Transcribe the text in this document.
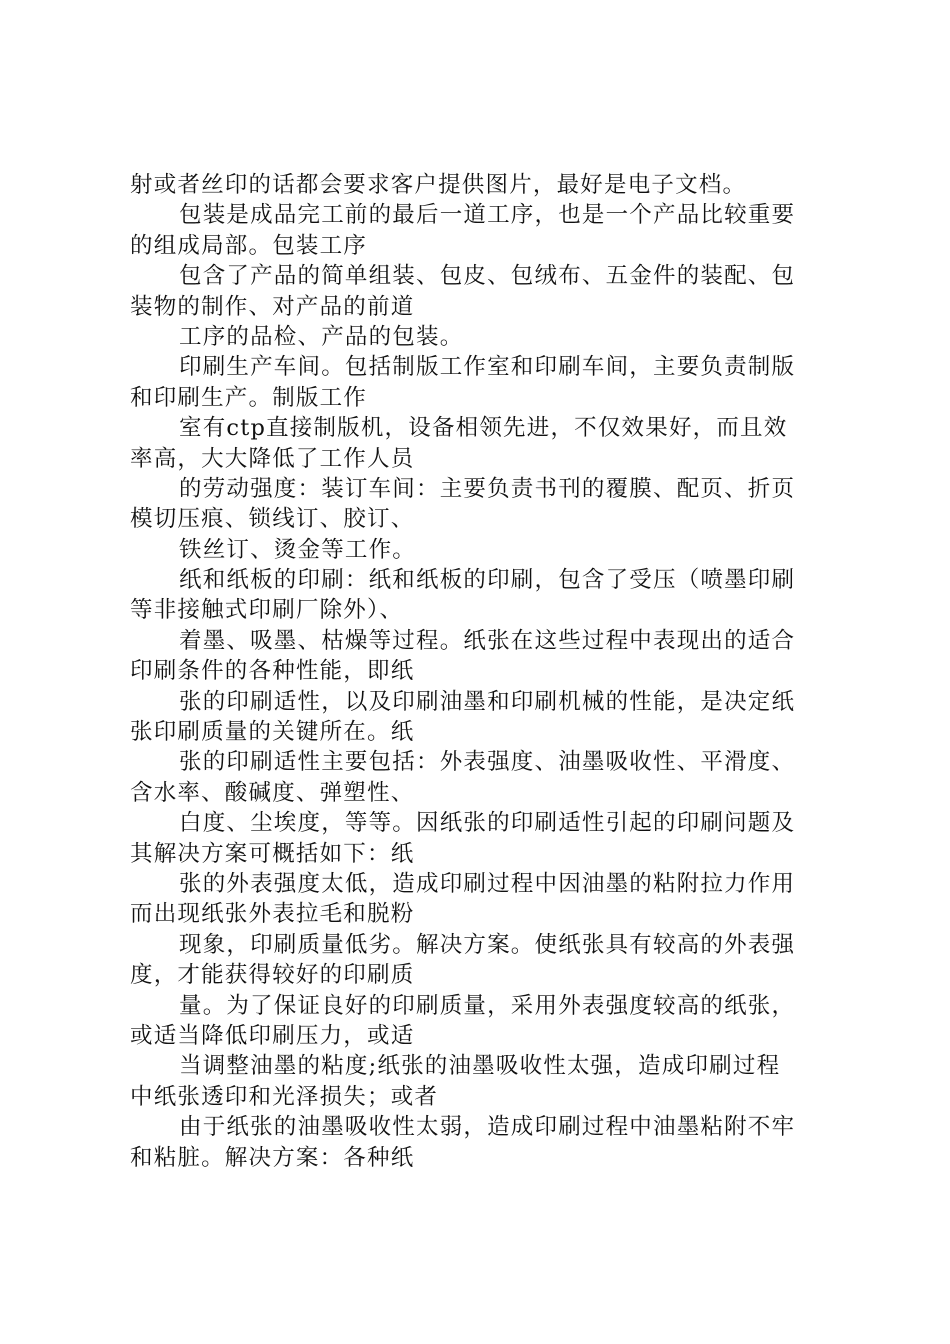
射或者丝印的话都会要求客户提供图片，最好是电子文档。
包装是成品完工前的最后一道工序，也是一个产品比较重要
的组成局部。包装工序
包含了产品的简单组装、包皮、包绒布、五金件的装配、包
装物的制作、对产品的前道
工序的品检、产品的包装。
印刷生产车间。包括制版工作室和印刷车间，主要负责制版
和印刷生产。制版工作
室有ctp直接制版机，设备相领先进，不仅效果好，而且效
率高，大大降低了工作人员
的劳动强度：装订车间：主要负责书刊的覆膜、配页、折页
模切压痕、锁线订、胶订、
铁丝订、烫金等工作。
纸和纸板的印刷：纸和纸板的印刷，包含了受压（喷墨印刷
等非接触式印刷厂除外）、
着墨、吸墨、枯燥等过程。纸张在这些过程中表现出的适合
印刷条件的各种性能，即纸
张的印刷适性，以及印刷油墨和印刷机械的性能，是决定纸
张印刷质量的关键所在。纸
张的印刷适性主要包括：外表强度、油墨吸收性、平滑度、
含水率、酸碱度、弹塑性、
白度、尘埃度，等等。因纸张的印刷适性引起的印刷问题及
其解决方案可概括如下：纸
张的外表强度太低，造成印刷过程中因油墨的粘附拉力作用
而出现纸张外表拉毛和脱粉
现象，印刷质量低劣。解决方案。使纸张具有较高的外表强
度，才能获得较好的印刷质
量。为了保证良好的印刷质量，采用外表强度较高的纸张，
或适当降低印刷压力，或适
当调整油墨的粘度;纸张的油墨吸收性太强，造成印刷过程
中纸张透印和光泽损失；或者
由于纸张的油墨吸收性太弱，造成印刷过程中油墨粘附不牢
和粘脏。解决方案：各种纸
